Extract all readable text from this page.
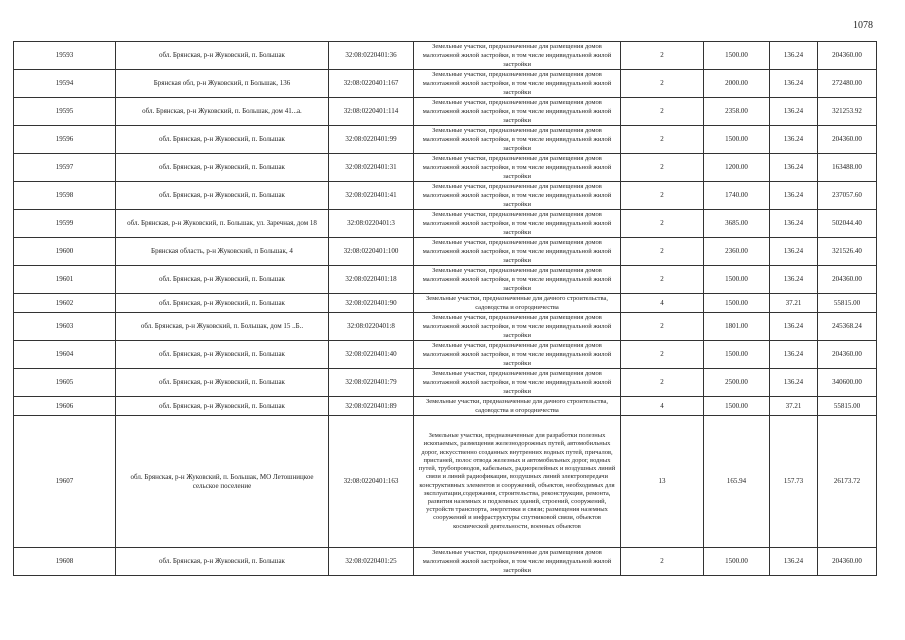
1078
19593	обл. Брянская, р-н Жуковский, п. Большак	32:08:0220401:36	Земельные участки, предназначенные для размещения домов малоэтажной жилой застройки, в том числе индивидуальной жилой застройки	2	1500.00	136.24	204360.00
19594	Брянская обл, р-н Жуковский, п Большак, 136	32:08:0220401:167	Земельные участки, предназначенные для размещения домов малоэтажной жилой застройки, в том числе индивидуальной жилой застройки	2	2000.00	136.24	272480.00
19595	обл. Брянская, р-н Жуковский, п. Большак, дом 41...а.	32:08:0220401:114	Земельные участки, предназначенные для размещения домов малоэтажной жилой застройки, в том числе индивидуальной жилой застройки	2	2358.00	136.24	321253.92
19596	обл. Брянская, р-н Жуковский, п. Большак	32:08:0220401:99	Земельные участки, предназначенные для размещения домов малоэтажной жилой застройки, в том числе индивидуальной жилой застройки	2	1500.00	136.24	204360.00
19597	обл. Брянская, р-н Жуковский, п. Большак	32:08:0220401:31	Земельные участки, предназначенные для размещения домов малоэтажной жилой застройки, в том числе индивидуальной жилой застройки	2	1200.00	136.24	163488.00
19598	обл. Брянская, р-н Жуковский, п. Большак	32:08:0220401:41	Земельные участки, предназначенные для размещения домов малоэтажной жилой застройки, в том числе индивидуальной жилой застройки	2	1740.00	136.24	237057.60
19599	обл. Брянская, р-н Жуковский, п. Большак, ул. Заречная, дом 18	32:08:0220401:3	Земельные участки, предназначенные для размещения домов малоэтажной жилой застройки, в том числе индивидуальной жилой застройки	2	3685.00	136.24	502044.40
19600	Брянская область, р-н Жуковский, п Большак, 4	32:08:0220401:100	Земельные участки, предназначенные для размещения домов малоэтажной жилой застройки, в том числе индивидуальной жилой застройки	2	2360.00	136.24	321526.40
19601	обл. Брянская, р-н Жуковский, п. Большак	32:08:0220401:18	Земельные участки, предназначенные для размещения домов малоэтажной жилой застройки, в том числе индивидуальной жилой застройки	2	1500.00	136.24	204360.00
19602	обл. Брянская, р-н Жуковский, п. Большак	32:08:0220401:90	Земельные участки, предназначенные для дачного строительства, садоводства и огородничества	4	1500.00	37.21	55815.00
19603	обл. Брянская, р-н Жуковский, п. Большак, дом 15 ..Б..	32:08:0220401:8	Земельные участки, предназначенные для размещения домов малоэтажной жилой застройки, в том числе индивидуальной жилой застройки	2	1801.00	136.24	245368.24
19604	обл. Брянская, р-н Жуковский, п. Большак	32:08:0220401:40	Земельные участки, предназначенные для размещения домов малоэтажной жилой застройки, в том числе индивидуальной жилой застройки	2	1500.00	136.24	204360.00
19605	обл. Брянская, р-н Жуковский, п. Большак	32:08:0220401:79	Земельные участки, предназначенные для размещения домов малоэтажной жилой застройки, в том числе индивидуальной жилой застройки	2	2500.00	136.24	340600.00
19606	обл. Брянская, р-н Жуковский, п. Большак	32:08:0220401:89	Земельные участки, предназначенные для дачного строительства, садоводства и огородничества	4	1500.00	37.21	55815.00
19607	обл. Брянская, р-н Жуковский, п. Большак, МО Летошницкое сельское поселение	32:08:0220401:163	Земельные участки, предназначенные для разработки полезных ископаемых, размещения железнодорожных путей, автомобильных дорог, искусственно созданных внутренних водных путей, причалов, пристаней, полос отвода железных и автомобильных дорог, водных путей, трубопроводов, кабельных, радиорелейных и воздушных линий связи и линий радиофикации, воздушных линий электропередачи конструктивных элементов и сооружений, объектов, необходимых для эксплуатации,содержания, строительства, реконструкции, ремонта, развития наземных и подземных зданий, строений, сооружений, устройств транспорта, энергетики и связи; размещения наземных сооружений и инфраструктуры спутниковой связи, объектов космической деятельности, военных объектов	13	165.94	157.73	26173.72
19608	обл. Брянская, р-н Жуковский, п. Большак	32:08:0220401:25	Земельные участки, предназначенные для размещения домов малоэтажной жилой застройки, в том числе индивидуальной жилой застройки	2	1500.00	136.24	204360.00
